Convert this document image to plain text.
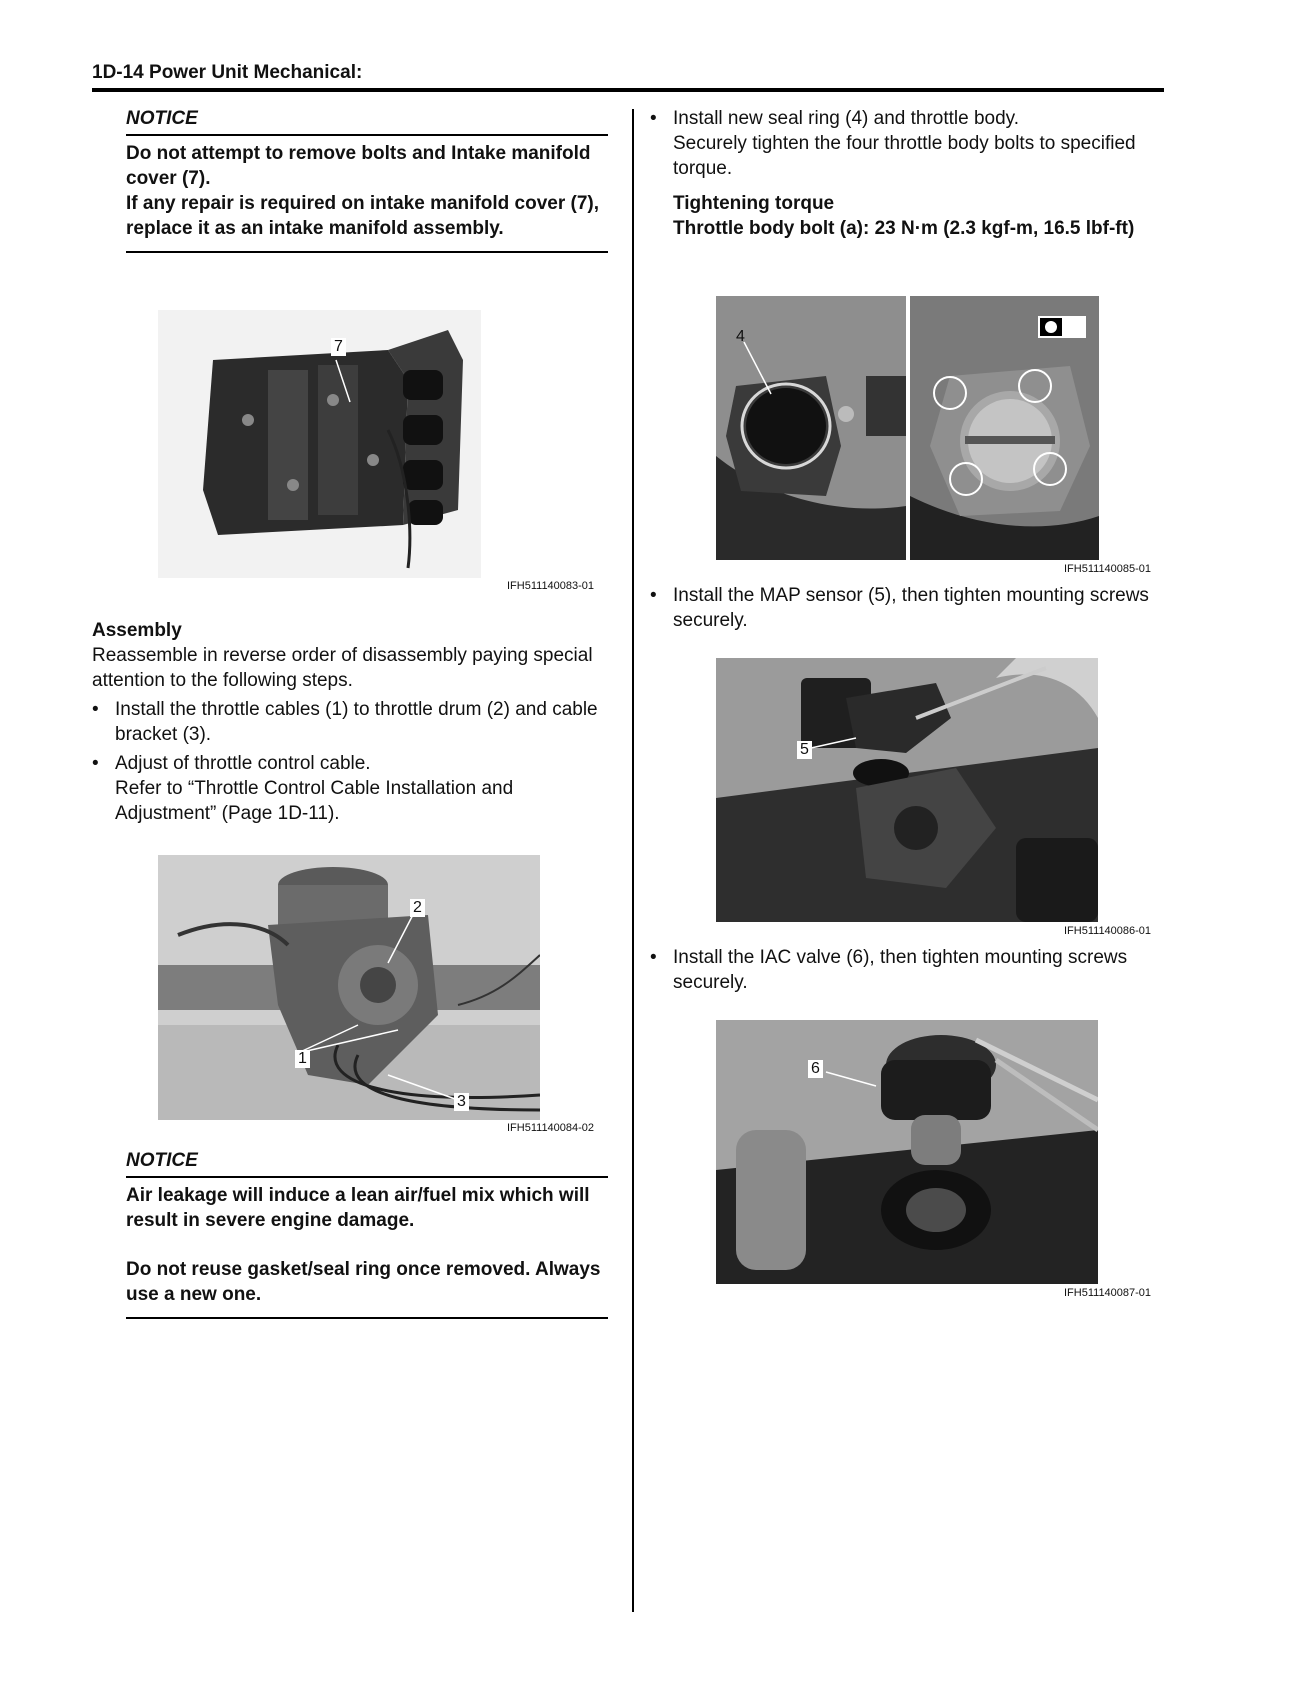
1D-14 Power Unit Mechanical:
NOTICE
Do not attempt to remove bolts and Intake manifold cover (7).
If any repair is required on intake manifold cover (7), replace it as an intake manifold assembly.
7
IFH511140083-01
Assembly
Reassemble in reverse order of disassembly paying special attention to the following steps.
• Install the throttle cables (1) to throttle drum (2) and cable bracket (3).
• Adjust of throttle control cable.
Refer to “Throttle Control Cable Installation and Adjustment” (Page 1D-11).
2
1
3
IFH511140084-02
NOTICE
Air leakage will induce a lean air/fuel mix which will result in severe engine damage.
Do not reuse gasket/seal ring once removed. Always use a new one.
• Install new seal ring (4) and throttle body.
Securely tighten the four throttle body bolts to specified torque.
Tightening torque
Throttle body bolt (a): 23 N·m (2.3 kgf-m, 16.5 lbf-ft)
4
(a)
IFH511140085-01
• Install the MAP sensor (5), then tighten mounting screws securely.
5
IFH511140086-01
• Install the IAC valve (6), then tighten mounting screws securely.
6
IFH511140087-01
